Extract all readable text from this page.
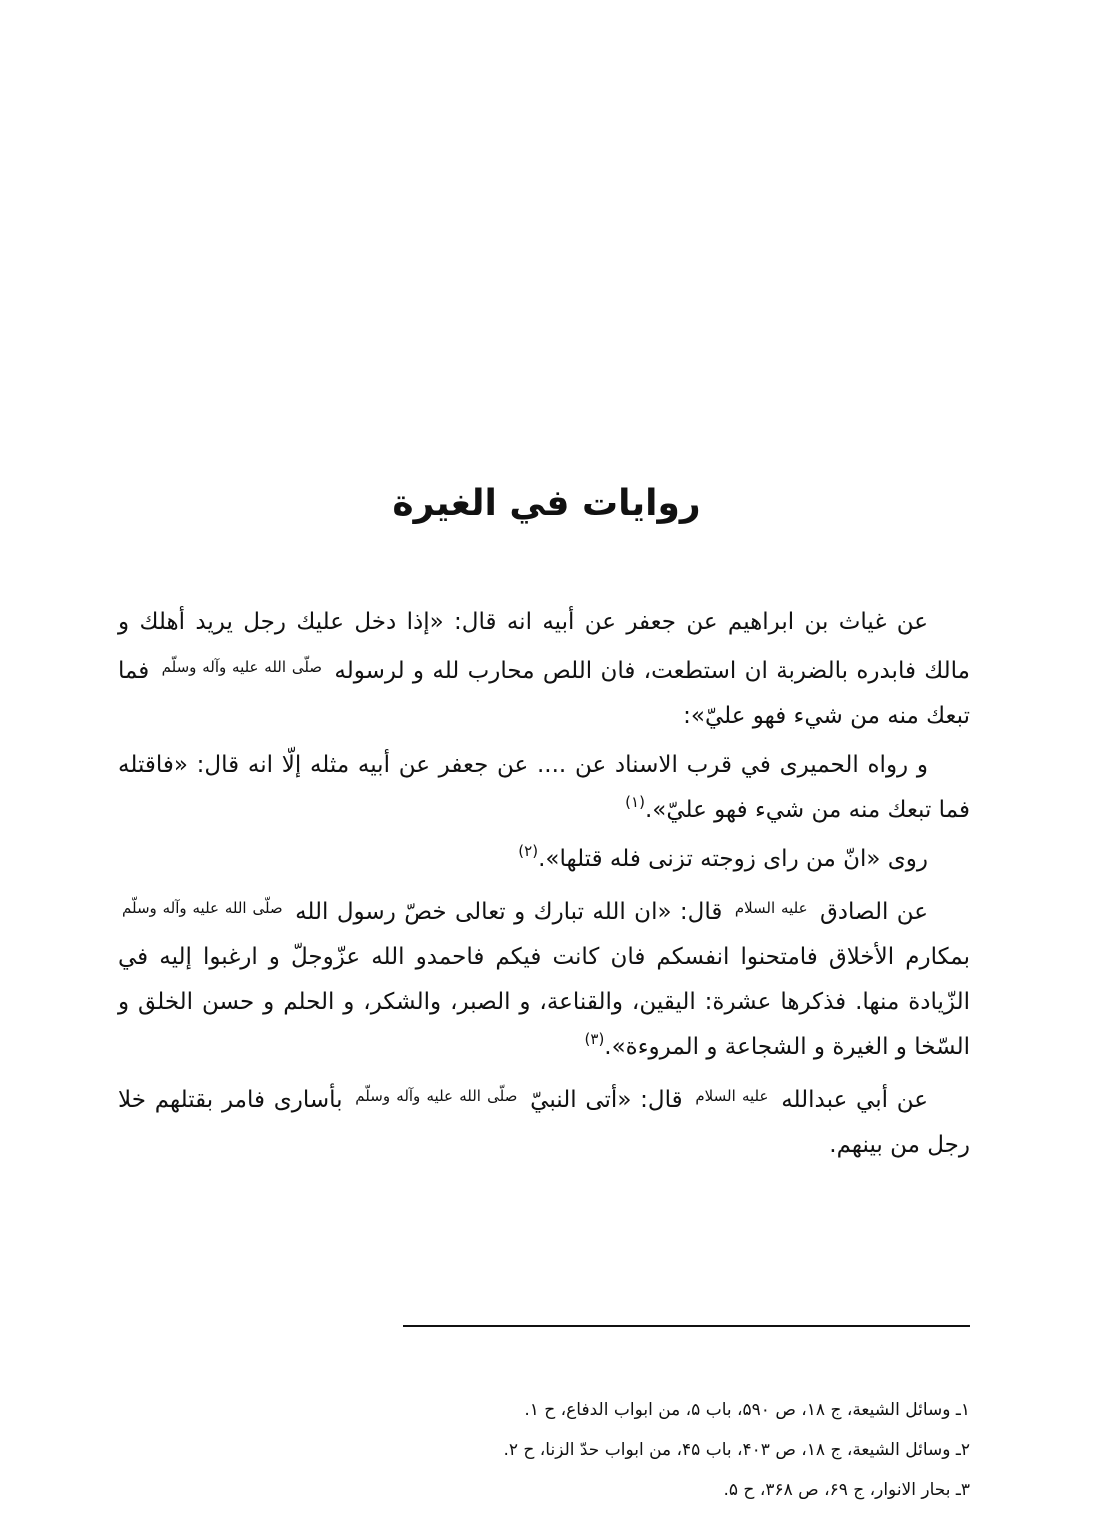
روايات في الغيرة

عن غياث بن ابراهيم عن جعفر عن أبيه انه قال: «إذا دخل عليك رجل يريد أهلك و مالك فابدره بالضربة ان استطعت، فان اللص محارب لله و لرسوله $^{صلّى الله عليه وآله وسلّم}$ فما تبعك منه من شيء فهو عليّ»:

و رواه الحميرى في قرب الاسناد عن .... عن جعفر عن أبيه مثله إلّا انه قال: «فاقتله فما تبعك منه من شيء فهو عليّ».$^{(۱)}$

روى «انّ من راى زوجته تزنى فله قتلها».$^{(۲)}$

عن الصادق $^{عليه السلام}$ قال: «ان الله تبارك و تعالى خصّ رسول الله $^{صلّى الله عليه وآله وسلّم}$ بمكارم الأخلاق فامتحنوا انفسكم فان كانت فيكم فاحمدو الله عزّوجلّ و ارغبوا إليه في الزّيادة منها. فذكرها عشرة: اليقين، والقناعة، و الصبر، والشكر، و الحلم و حسن الخلق و السّخا و الغيرة و الشجاعة و المروءة».$^{(۳)}$

عن أبي عبدالله $^{عليه السلام}$ قال: «أتى النبيّ $^{صلّى الله عليه وآله وسلّم}$ بأسارى فامر بقتلهم خلا رجل من بينهم.

۱ـ وسائل الشيعة، ج ۱۸، ص ۵۹۰، باب ۵، من ابواب الدفاع، ح ۱.

۲ـ وسائل الشيعة، ج ۱۸، ص ۴۰۳، باب ۴۵، من ابواب حدّ الزنا، ح ۲.

۳ـ بحار الانوار، ج ۶۹، ص ۳۶۸، ح ۵.
